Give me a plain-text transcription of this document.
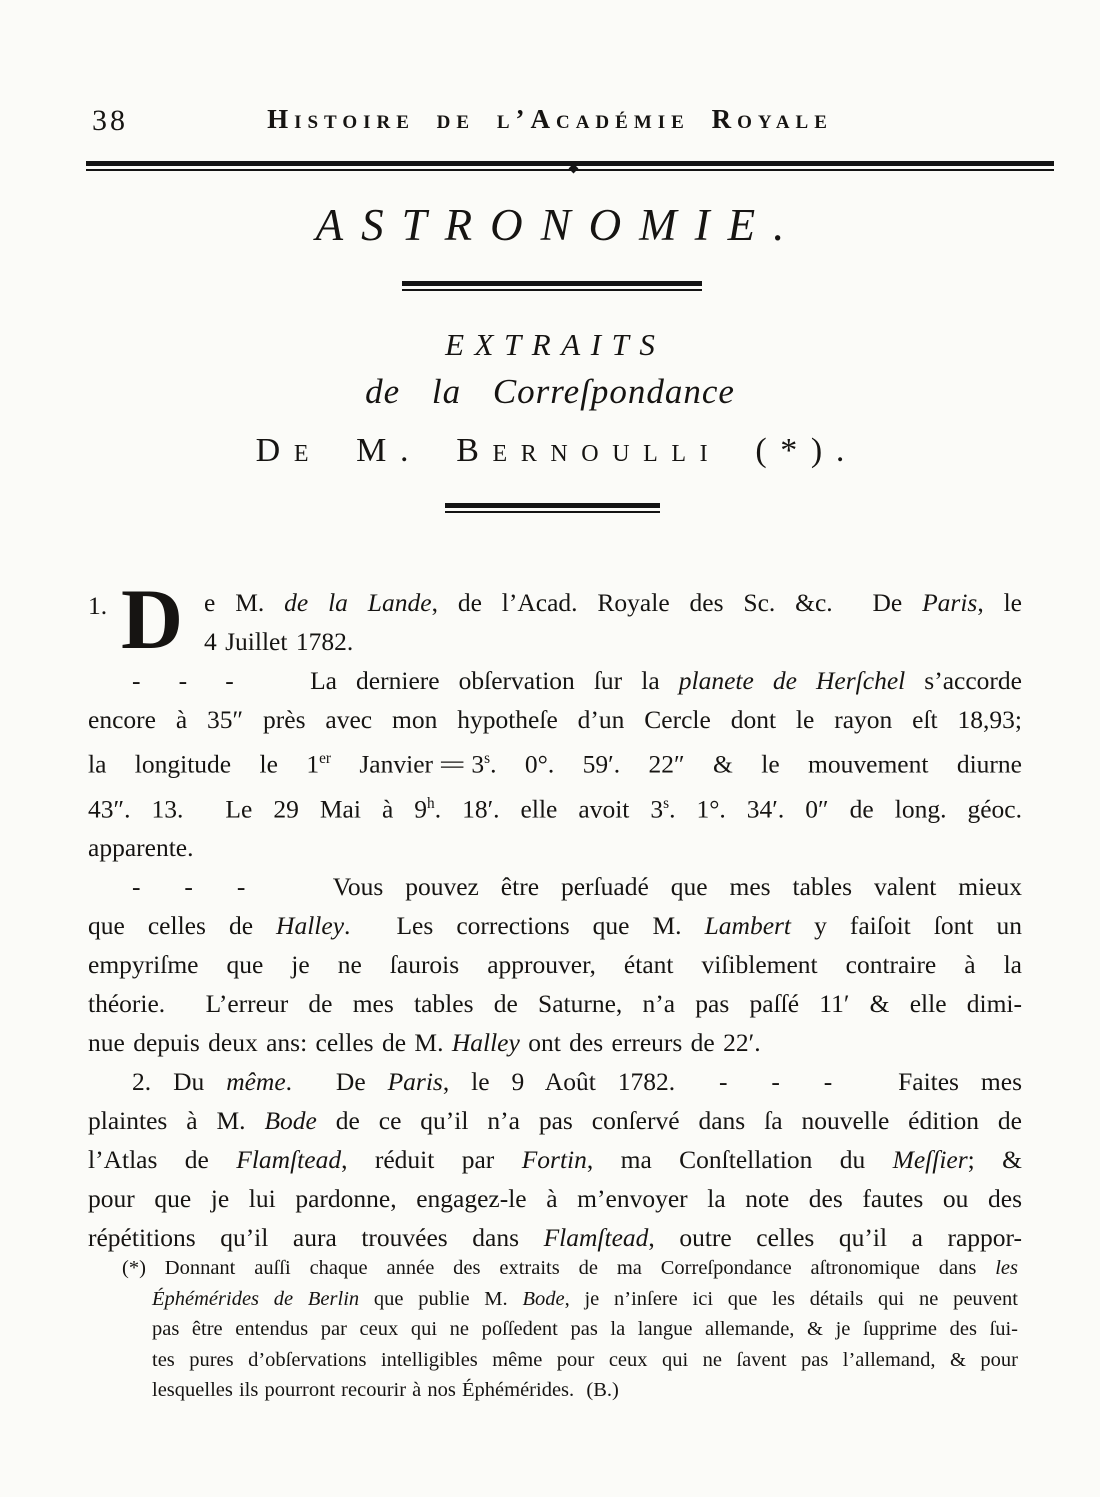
38	Histoire de l’Académie Royale
ASTRONOMIE.
EXTRAITS
de la Correſpondance
De M. Bernoulli (*).
1. D e M. de la Lande, de l’Acad. Royale des Sc. &c.  De Paris, le
4 Juillet 1782.
-  -  -    La derniere obſervation ſur la planete de Herſchel s’accorde
encore à 35″ près avec mon hypotheſe d’un Cercle dont le rayon eſt 18,93;
la longitude le 1er Janvier = $3^s$. 0°. 59′. 22″ & le mouvement diurne
43″. 13.  Le 29 Mai à 9$^h$. 18′. elle avoit 3$^s$. 1°. 34′. 0″ de long. géoc.
apparente.
-  -  -    Vous pouvez être perſuadé que mes tables valent mieux
que celles de Halley.  Les corrections que M. Lambert y faiſoit ſont un
empyriſme que je ne ſaurois approuver, étant viſiblement contraire à la
théorie.  L’erreur de mes tables de Saturne, n’a pas paſſé 11′ & elle dimi-
nue depuis deux ans: celles de M. Halley ont des erreurs de 22′.
2. Du même.  De Paris, le 9 Août 1782.  -  -  -   Faites mes
plaintes à M. Bode de ce qu’il n’a pas conſervé dans ſa nouvelle édition de
l’Atlas de Flamſtead, réduit par Fortin, ma Conſtellation du Meſſier; &
pour que je lui pardonne, engagez-le à m’envoyer la note des fautes ou des
répétitions qu’il aura trouvées dans Flamſtead, outre celles qu’il a rappor-
(*) Donnant auſſi chaque année des extraits de ma Correſpondance aſtronomique dans les
Éphémérides de Berlin que publie M. Bode, je n’inſere ici que les détails qui ne peuvent
pas être entendus par ceux qui ne poſſedent pas la langue allemande, & je ſupprime des ſui-
tes pures d’obſervations intelligibles même pour ceux qui ne ſavent pas l’allemand, & pour
lesquelles ils pourront recourir à nos Éphémérides.  (B.)
